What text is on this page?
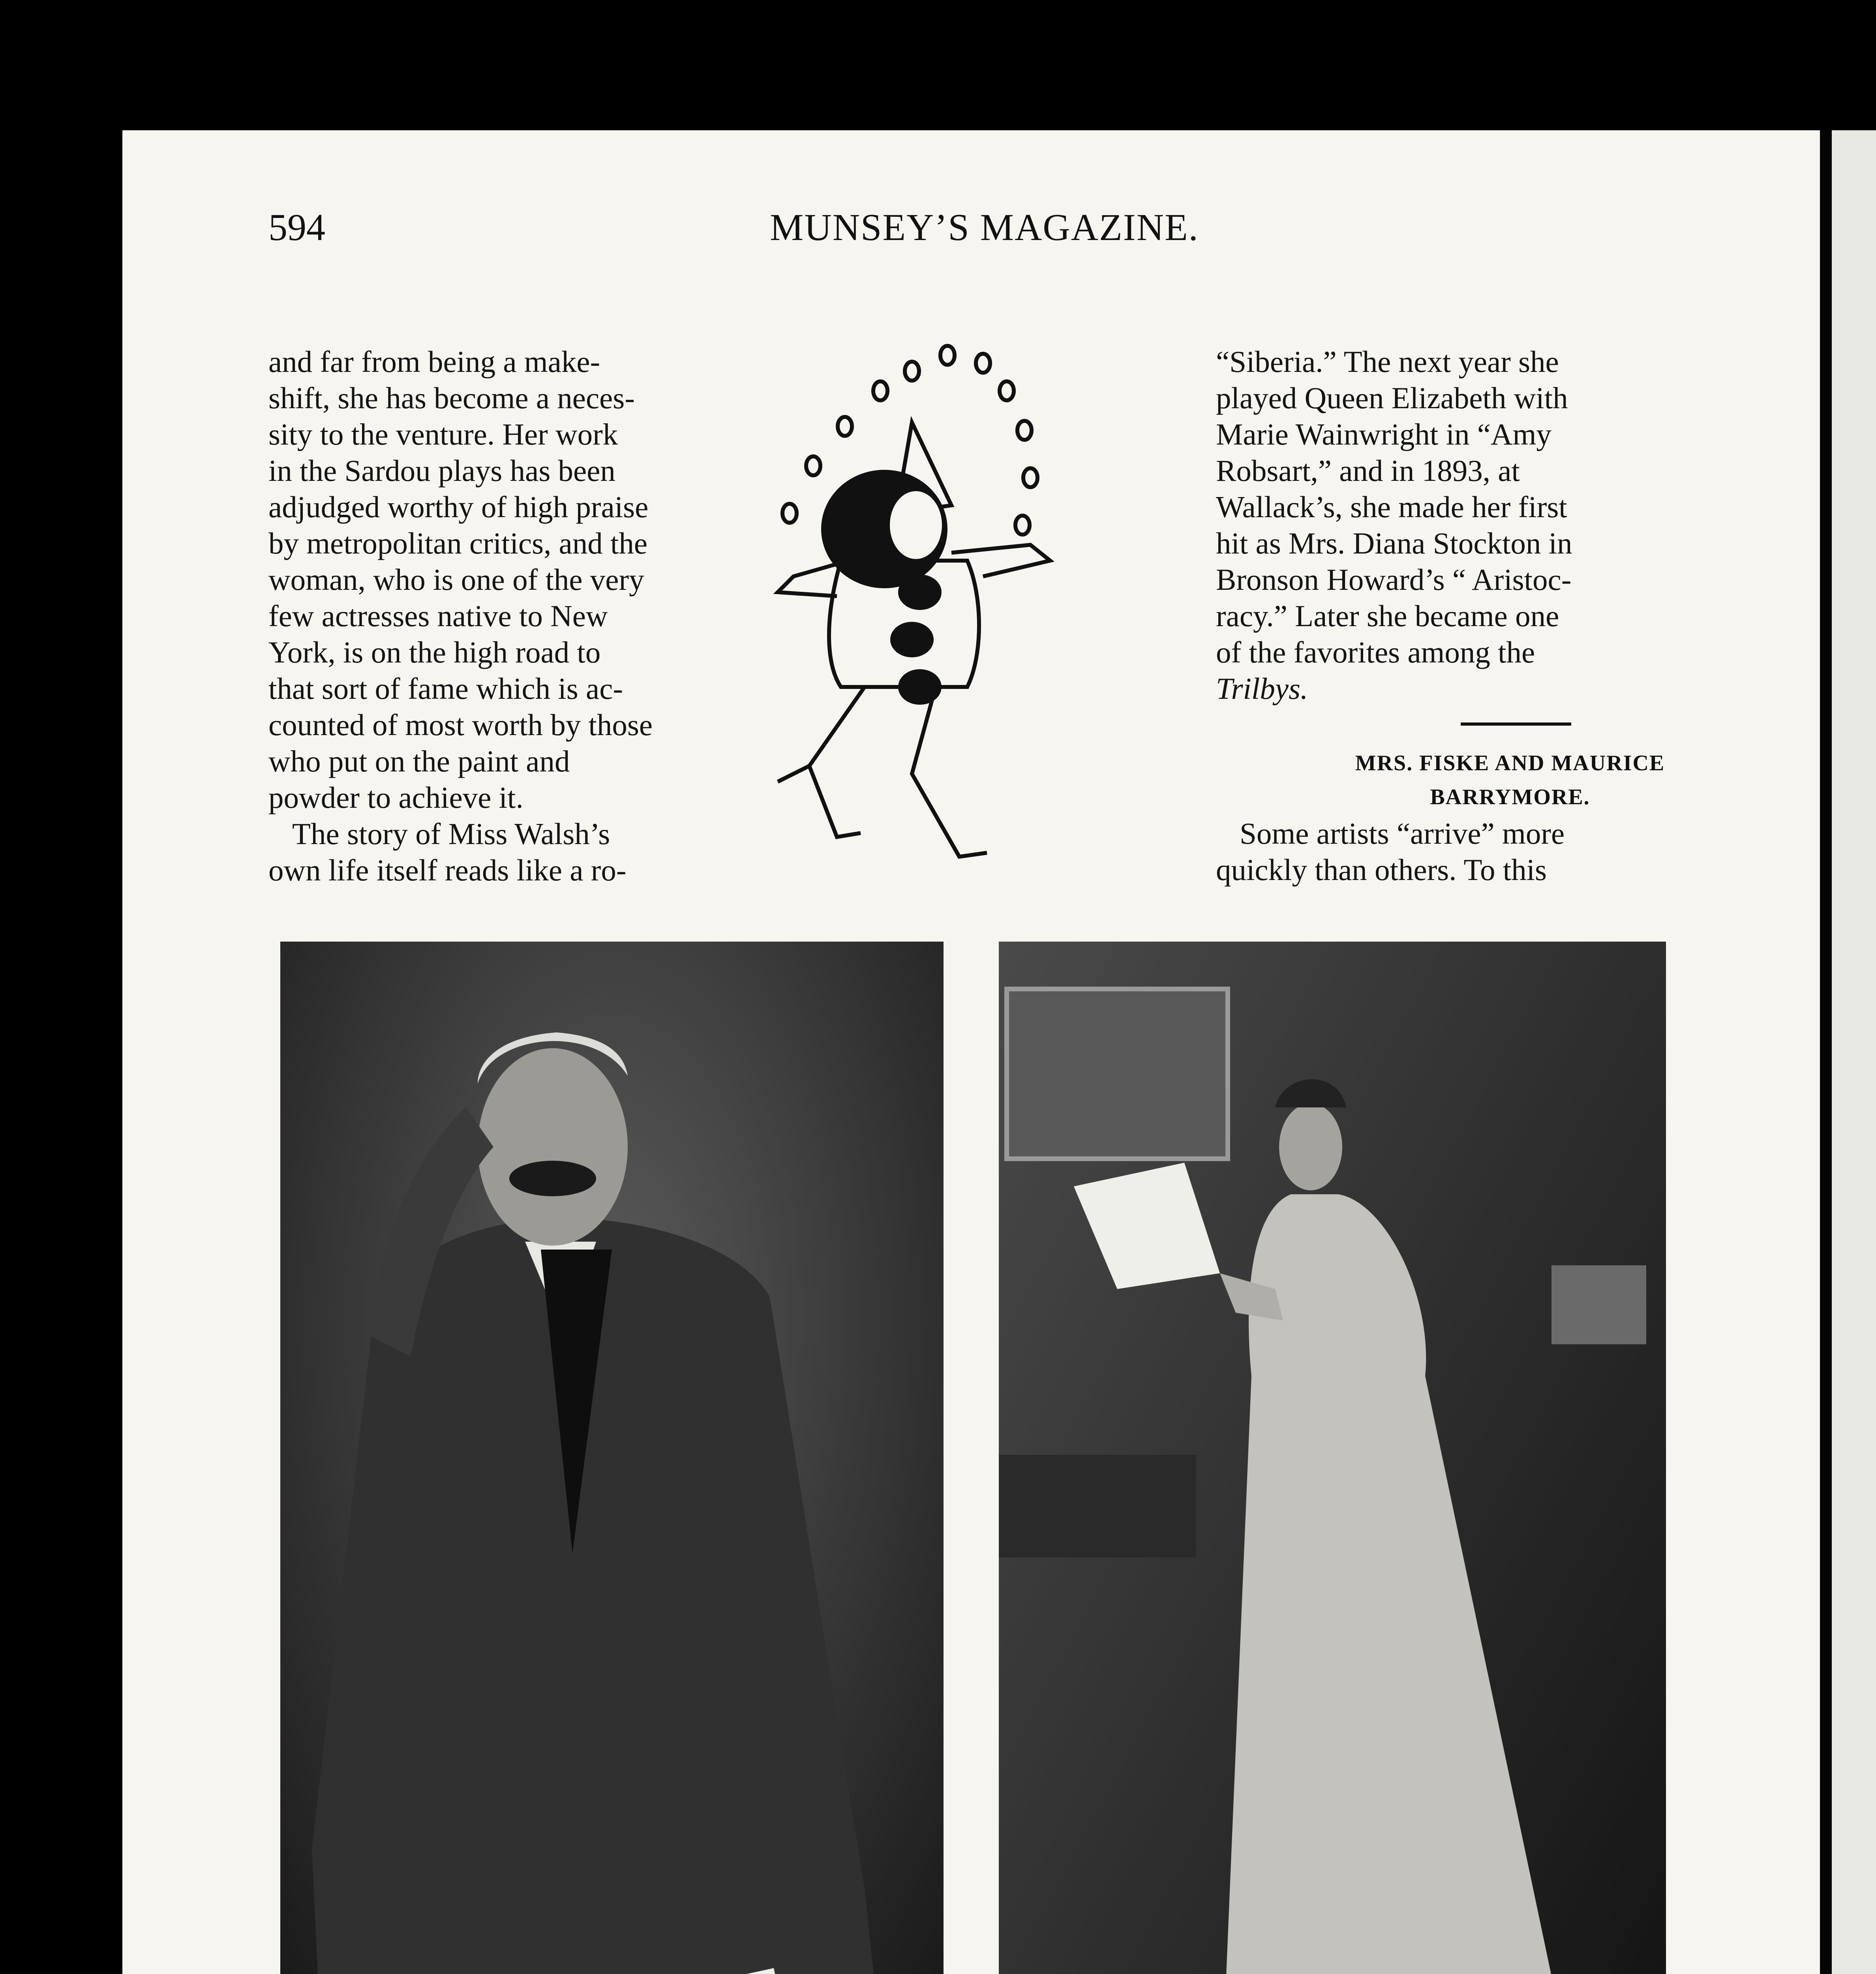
594	MUNSEY’S MAGAZINE.

and far from being a make-

shift, she has become a neces-

sity to the venture. Her work

in the Sardou plays has been

adjudged worthy of high praise

by metropolitan critics, and the

woman, who is one of the very

few actresses native to New

York, is on the high road to

that sort of fame which is ac-

counted of most worth by those

who put on the paint and

powder to achieve it.

The story of Miss Walsh’s

own life itself reads like a ro-

“Siberia.” The next year she

played Queen Elizabeth with

Marie Wainwright in “Amy

Robsart,” and in 1893, at

Wallack’s, she made her first

hit as Mrs. Diana Stockton in

Bronson Howard’s “ Aristoc-

racy.” Later she became one

of the favorites among the

Trilbys.

MRS. FISKE AND MAURICE
BARRYMORE.

Some artists “arrive” more

quickly than others. To this
